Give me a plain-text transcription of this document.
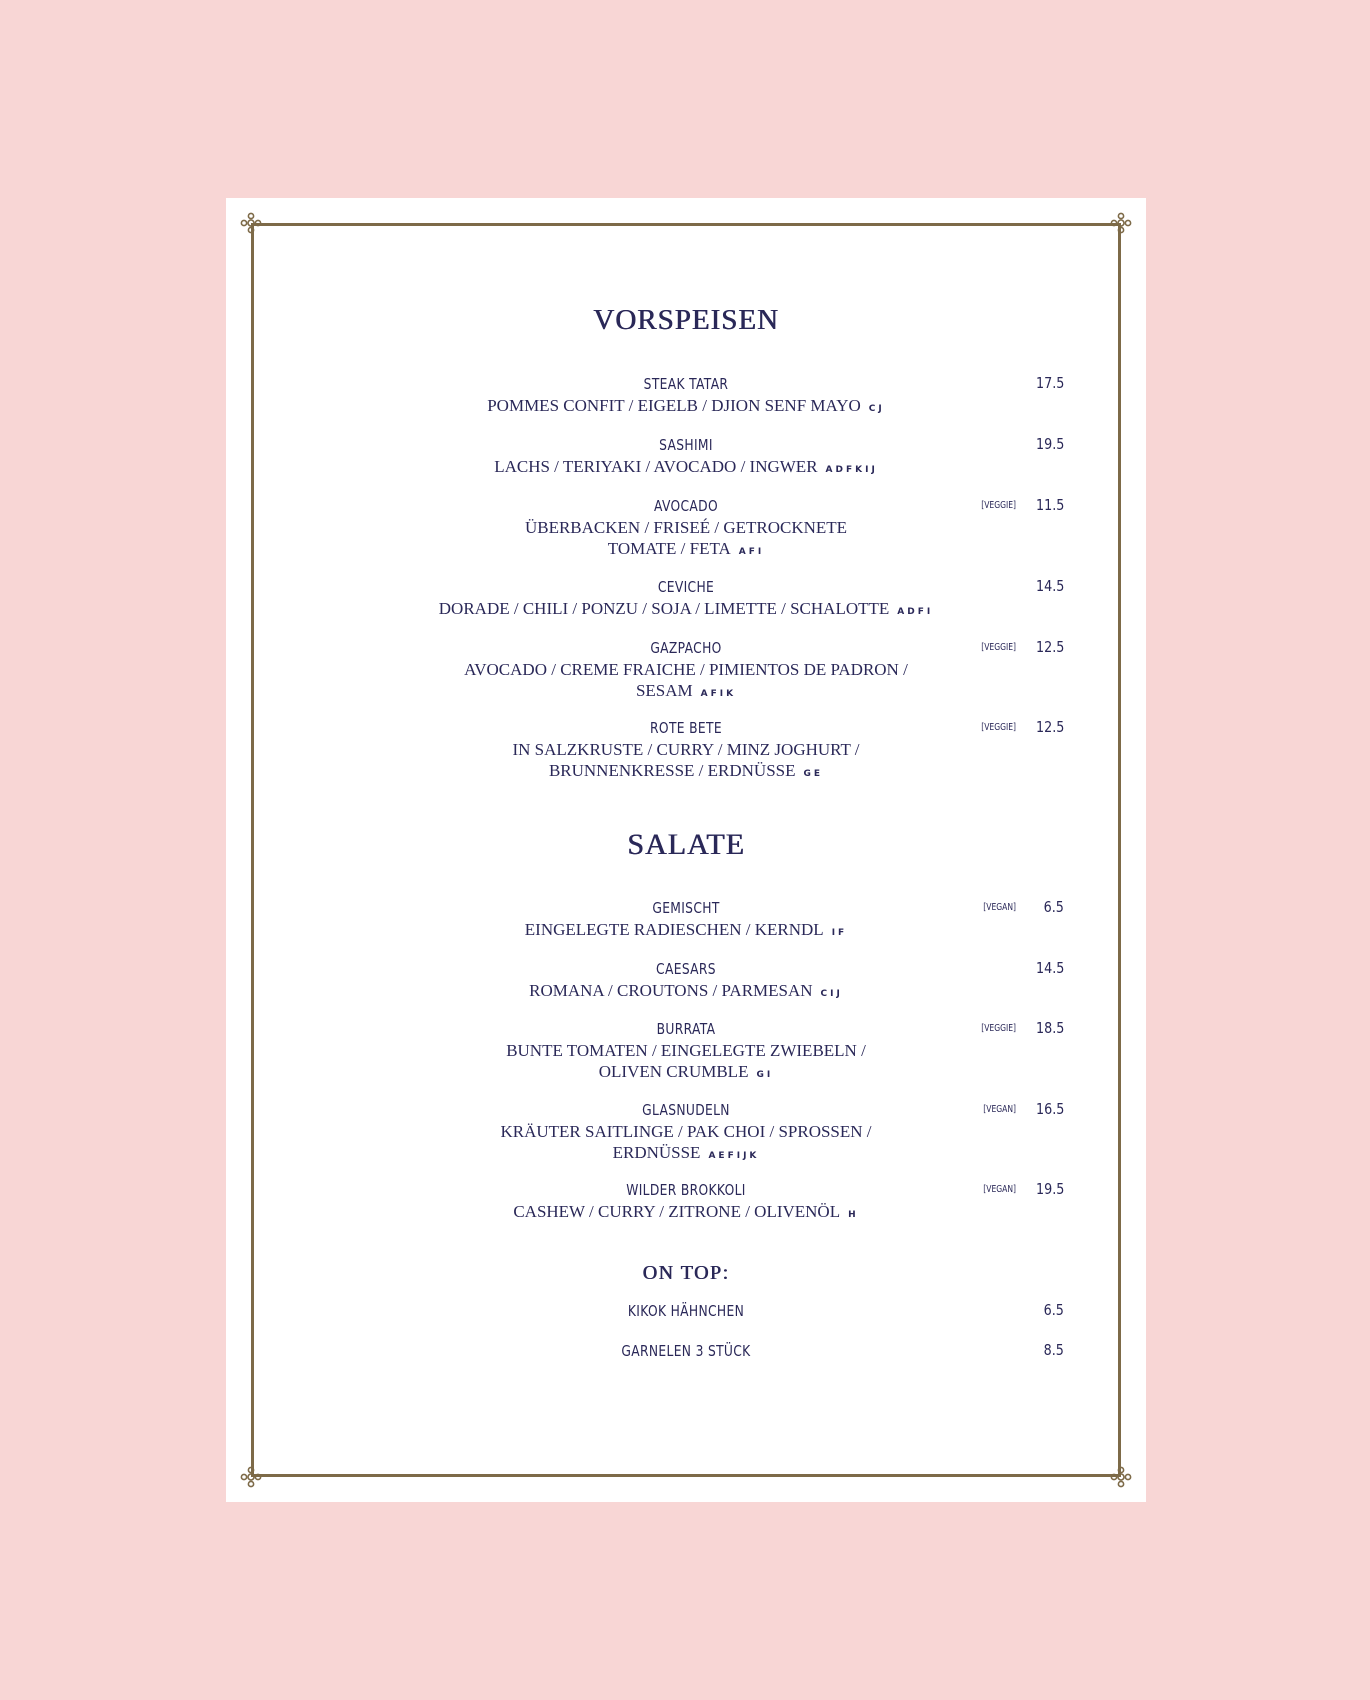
VORSPEISEN
STEAK TATAR
POMMES CONFIT / EIGELB / DJION SENF MAYO CJ
17.5
SASHIMI
LACHS / TERIYAKI / AVOCADO / INGWER ADFKIJ
19.5
AVOCADO
ÜBERBACKEN / FRISEÉ / GETROCKNETE TOMATE / FETA AFI
[VEGGIE] 11.5
CEVICHE
DORADE / CHILI / PONZU / SOJA / LIMETTE / SCHALOTTE ADFI
14.5
GAZPACHO
AVOCADO / CREME FRAICHE / PIMIENTOS DE PADRON / SESAM AFIK
[VEGGIE] 12.5
ROTE BETE
IN SALZKRUSTE / CURRY / MINZ JOGHURT / BRUNNENKRESSE / ERDNÜSSE GE
[VEGGIE] 12.5
SALATE
GEMISCHT
EINGELEGTE RADIESCHEN / KERNDL IF
[VEGAN] 6.5
CAESARS
ROMANA / CROUTONS / PARMESAN CIJ
14.5
BURRATA
BUNTE TOMATEN / EINGELEGTE ZWIEBELN / OLIVEN CRUMBLE GI
[VEGGIE] 18.5
GLASNUDELN
KRÄUTER SAITLINGE / PAK CHOI / SPROSSEN / ERDNÜSSE AEFIJK
[VEGAN] 16.5
WILDER BROKKOLI
CASHEW / CURRY / ZITRONE / OLIVENÖL H
[VEGAN] 19.5
ON TOP:
KIKOK HÄHNCHEN	6.5
GARNELEN 3 STÜCK	8.5
